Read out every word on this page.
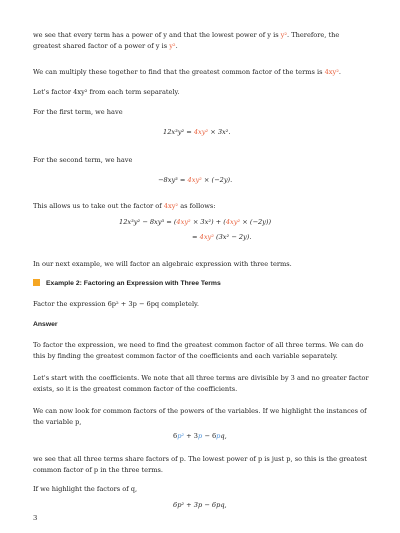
we see that every term has a power of y and that the lowest power of y is y². Therefore, the greatest shared factor of a power of y is y².

We can multiply these together to find that the greatest common factor of the terms is 4xy².

Let's factor 4xy² from each term separately.

For the first term, we have

12x³y² = 4xy² × 3x².

For the second term, we have

−8xy³ = 4xy² × (−2y).

This allows us to take out the factor of 4xy² as follows:

12x³y² − 8xy³ = (4xy² × 3x²) + (4xy² × (−2y))
= 4xy² (3x² − 2y).

In our next example, we will factor an algebraic expression with three terms.

Example 2: Factoring an Expression with Three Terms

Factor the expression 6p² + 3p − 6pq completely.

Answer

To factor the expression, we need to find the greatest common factor of all three terms. We can do this by finding the greatest common factor of the coefficients and each variable separately.

Let's start with the coefficients. We note that all three terms are divisible by 3 and no greater factor exists, so it is the greatest common factor of the coefficients.

We can now look for common factors of the powers of the variables. If we highlight the instances of the variable p,

6p² + 3p − 6pq,

we see that all three terms share factors of p. The lowest power of p is just p, so this is the greatest common factor of p in the three terms.

If we highlight the factors of q,

6p² + 3p − 6pq,
3
